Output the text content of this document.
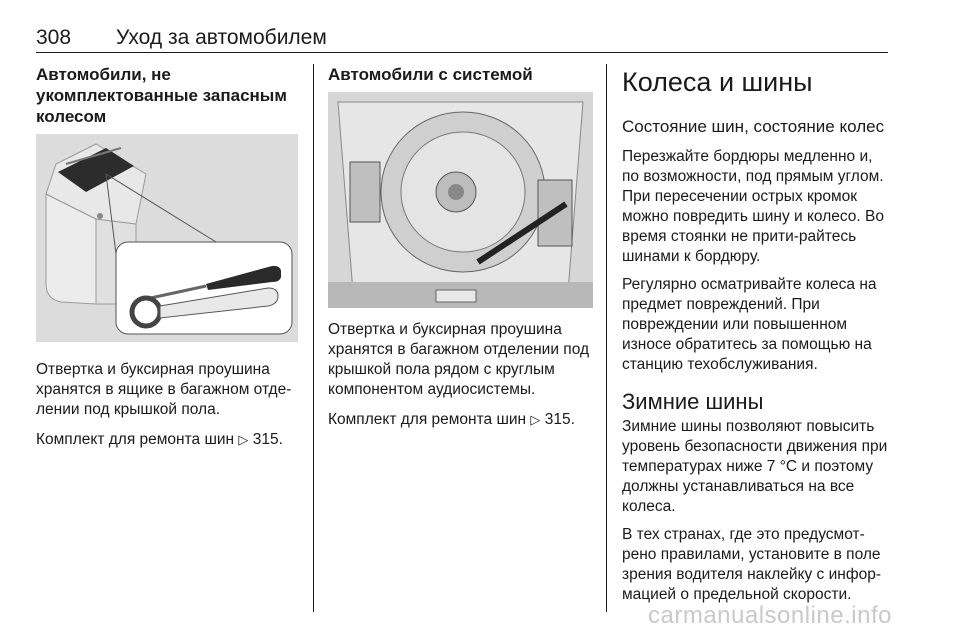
308 Уход за автомобилем
Автомобили, не укомплектованные запасным колесом

Отвертка и буксирная проушина хранятся в ящике в багажном отде-лении под крышкой пола.

Комплект для ремонта шин ▷ 315.

Автомобили с системой

Отвертка и буксирная проушина хранятся в багажном отделении под крышкой пола рядом с круглым компонентом аудиосистемы.

Комплект для ремонта шин ▷ 315.

Колеса и шины
Состояние шин, состояние колес

Перезжайте бордюры медленно и, по возможности, под прямым углом. При пересечении острых кромок можно повредить шину и колесо. Во время стоянки не прити-райтесь шинами к бордюру.

Регулярно осматривайте колеса на предмет повреждений. При повреждении или повышенном износе обратитесь за помощью на станцию техобслуживания.

Зимние шины

Зимние шины позволяют повысить уровень безопасности движения при температурах ниже 7 °C и поэтому должны устанавливаться на все колеса.

В тех странах, где это предусмот-рено правилами, установите в поле зрения водителя наклейку с инфор-мацией о предельной скорости.

carmanualsonline.info
